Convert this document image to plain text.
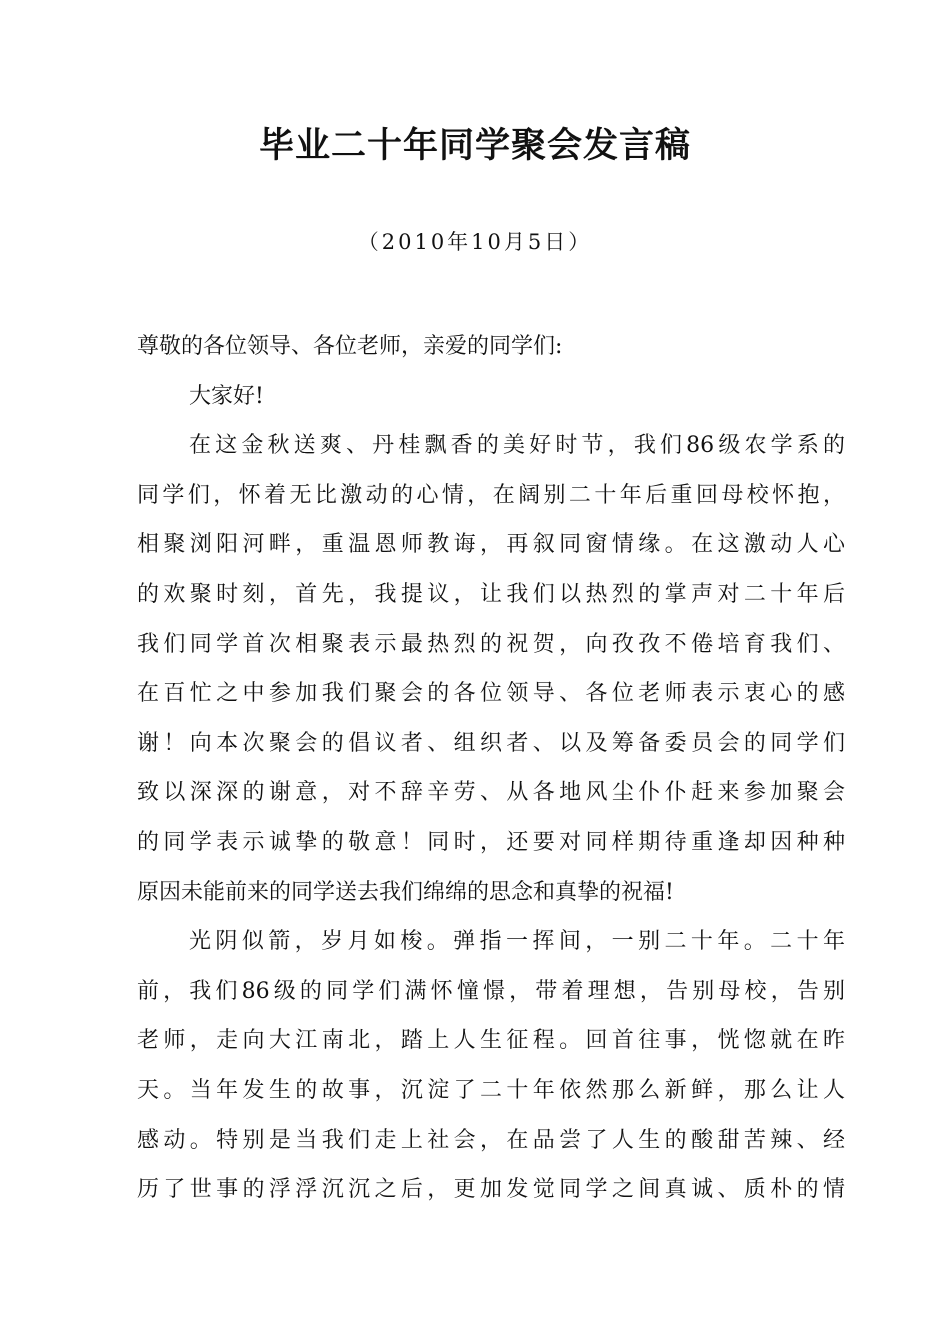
毕业二十年同学聚会发言稿

（2010年10月5日）

尊敬的各位领导、各位老师，亲爱的同学们:
大家好!
在这金秋送爽、丹桂飘香的美好时节，我们86级农学系的
同学们，怀着无比激动的心情，在阔别二十年后重回母校怀抱，
相聚浏阳河畔，重温恩师教诲，再叙同窗情缘。在这激动人心
的欢聚时刻，首先，我提议，让我们以热烈的掌声对二十年后
我们同学首次相聚表示最热烈的祝贺，向孜孜不倦培育我们、
在百忙之中参加我们聚会的各位领导、各位老师表示衷心的感
谢！向本次聚会的倡议者、组织者、以及筹备委员会的同学们
致以深深的谢意，对不辞辛劳、从各地风尘仆仆赶来参加聚会
的同学表示诚挚的敬意！同时，还要对同样期待重逢却因种种
原因未能前来的同学送去我们绵绵的思念和真挚的祝福!
光阴似箭，岁月如梭。弹指一挥间，一别二十年。二十年
前，我们86级的同学们满怀憧憬，带着理想，告别母校，告别
老师，走向大江南北，踏上人生征程。回首往事，恍惚就在昨
天。当年发生的故事，沉淀了二十年依然那么新鲜，那么让人
感动。特别是当我们走上社会，在品尝了人生的酸甜苦辣、经
历了世事的浮浮沉沉之后，更加发觉同学之间真诚、质朴的情
